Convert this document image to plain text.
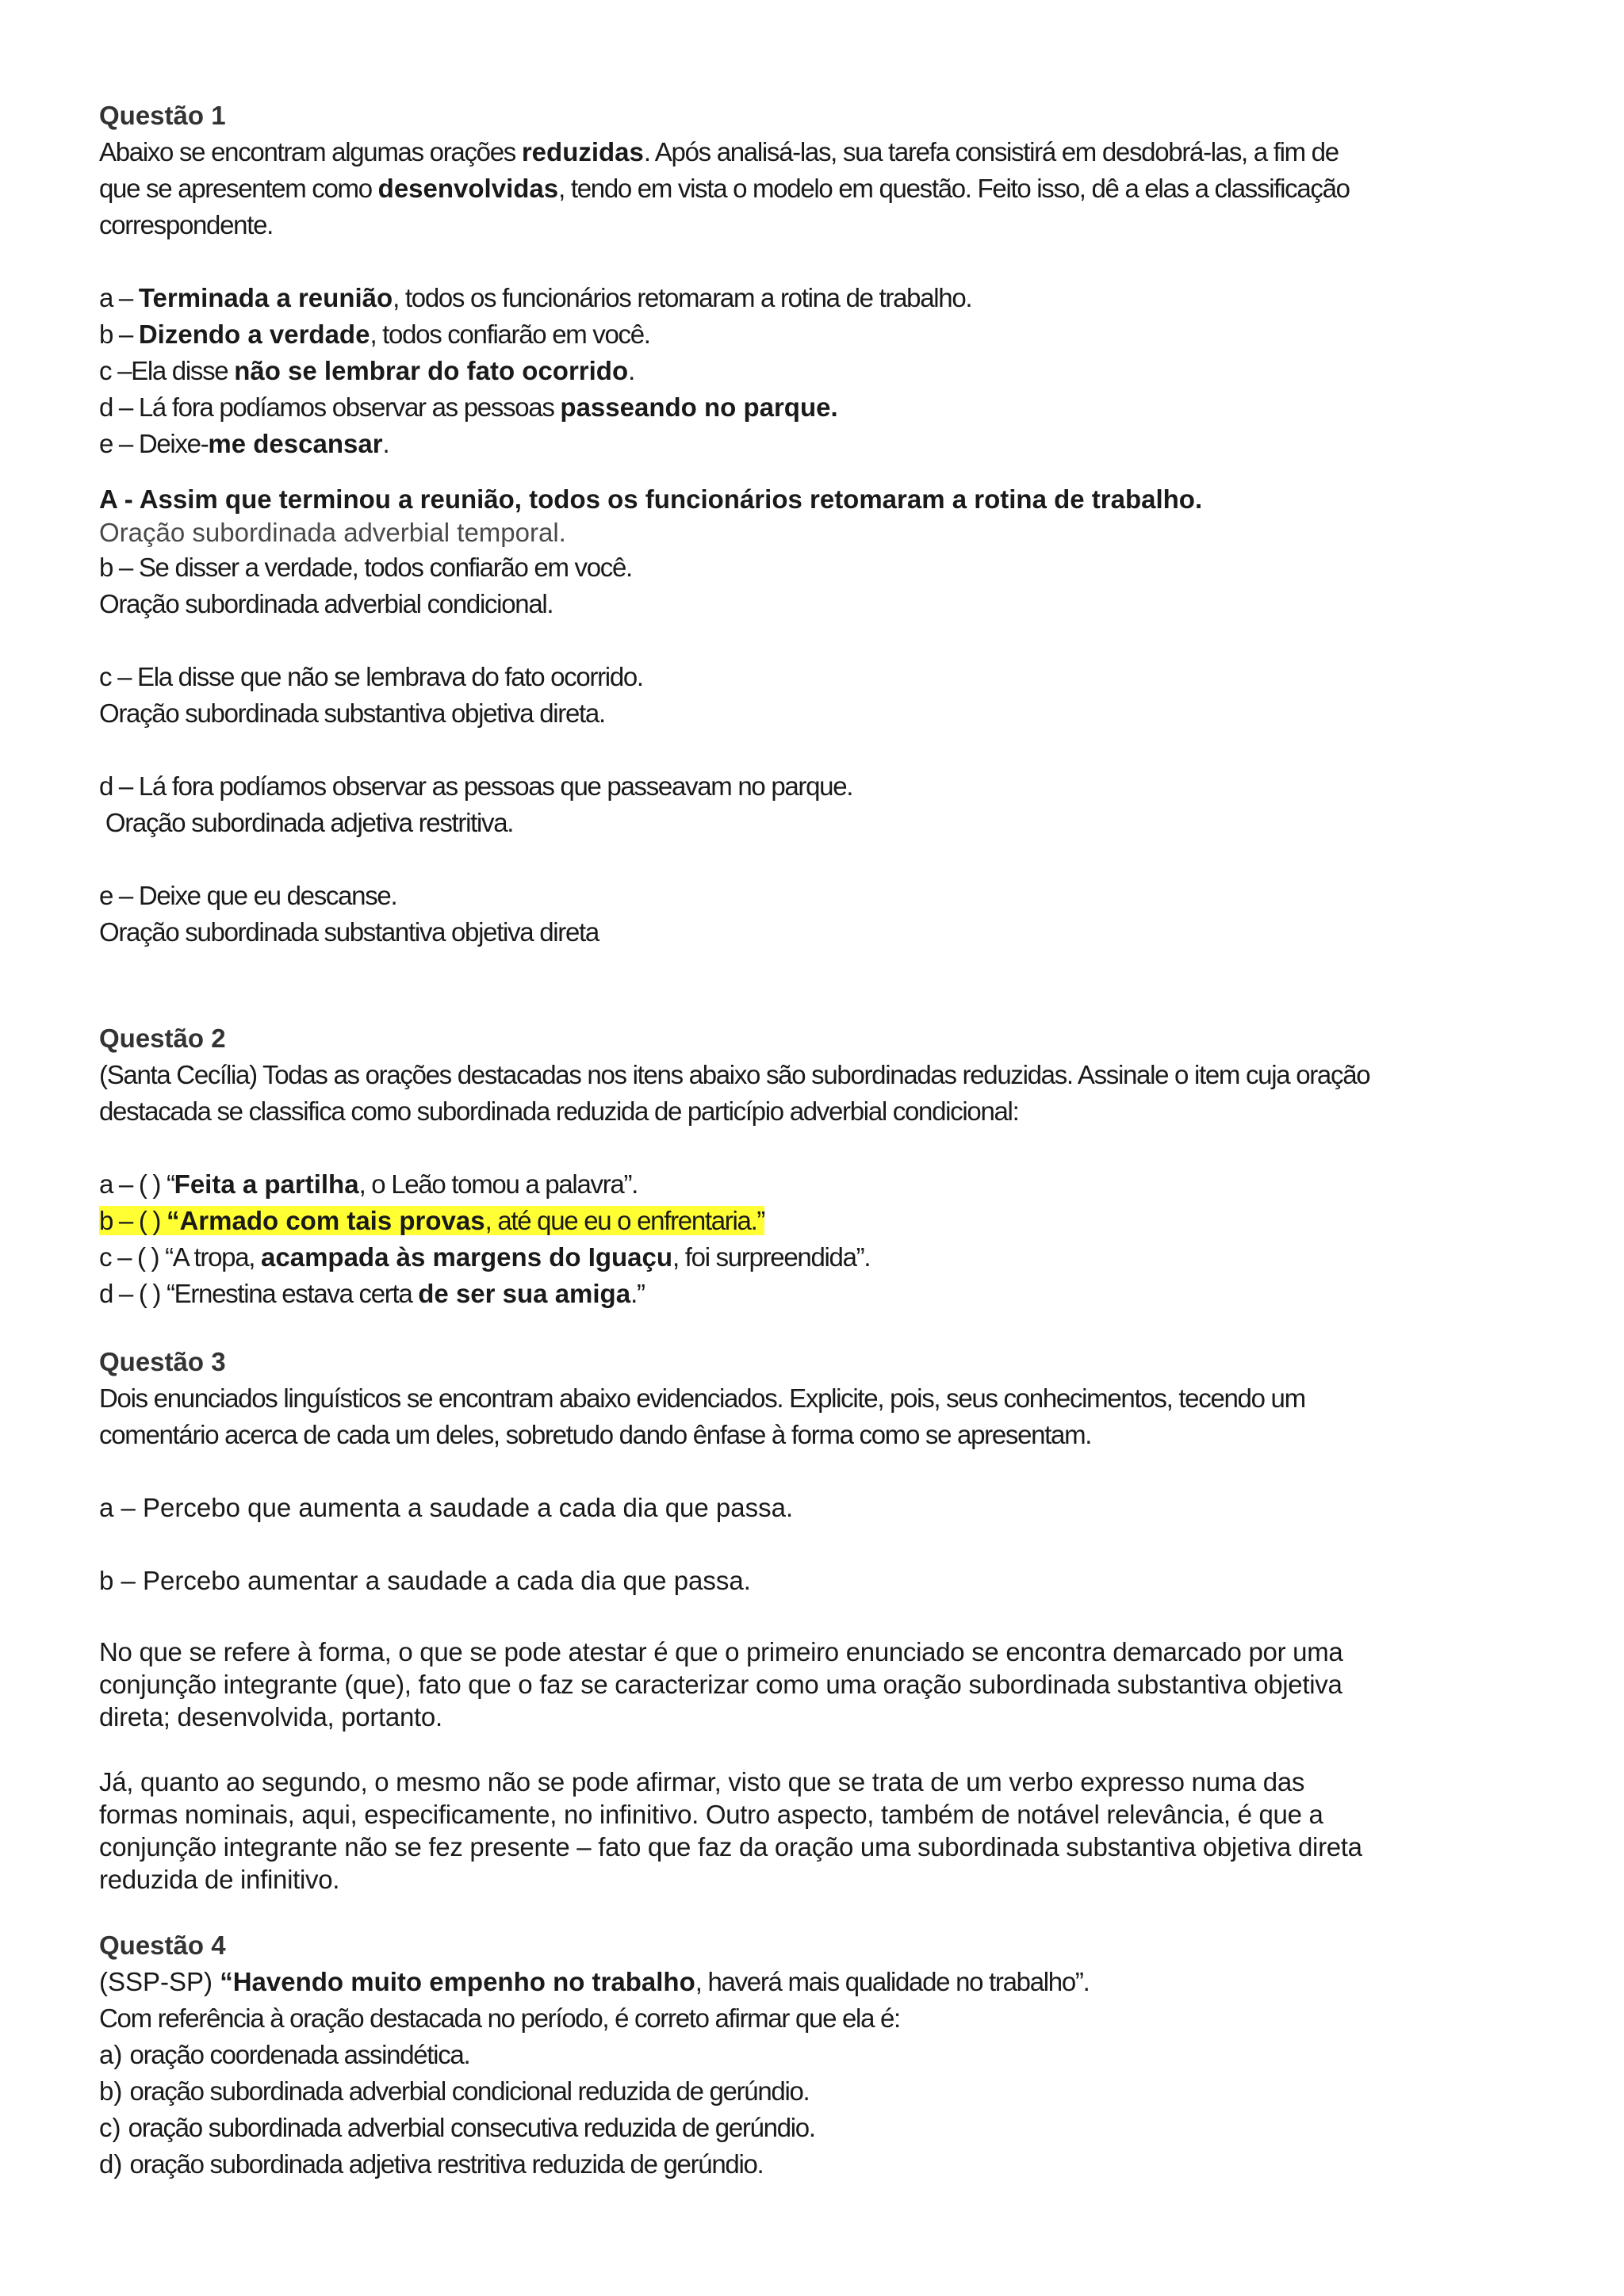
Questão 1

Abaixo se encontram algumas orações reduzidas. Após analisá-las, sua tarefa consistirá em desdobrá-las, a fim de

que se apresentem como desenvolvidas, tendo em vista o modelo em questão. Feito isso, dê a elas a classificação

correspondente.

a – Terminada a reunião, todos os funcionários retomaram a rotina de trabalho.

b – Dizendo a verdade, todos confiarão em você.

c –Ela disse não se lembrar do fato ocorrido.

d – Lá fora podíamos observar as pessoas passeando no parque.

e – Deixe-me descansar.

A - Assim que terminou a reunião, todos os funcionários retomaram a rotina de trabalho.

Oração subordinada adverbial temporal.

b – Se disser a verdade, todos confiarão em você.

Oração subordinada adverbial condicional.

c – Ela disse que não se lembrava do fato ocorrido.

Oração subordinada substantiva objetiva direta.

d – Lá fora podíamos observar as pessoas que passeavam no parque.

Oração subordinada adjetiva restritiva.

e – Deixe que eu descanse.

Oração subordinada substantiva objetiva direta

Questão 2

(Santa Cecília) Todas as orações destacadas nos itens abaixo são subordinadas reduzidas. Assinale o item cuja oração

destacada se classifica como subordinada reduzida de particípio adverbial condicional:

a – ( ) “Feita a partilha, o Leão tomou a palavra”.

b – ( ) “Armado com tais provas, até que eu o enfrentaria.”

c – ( ) “A tropa, acampada às margens do Iguaçu, foi surpreendida”.

d – ( ) “Ernestina estava certa de ser sua amiga.”

Questão 3

Dois enunciados linguísticos se encontram abaixo evidenciados. Explicite, pois, seus conhecimentos, tecendo um

comentário acerca de cada um deles, sobretudo dando ênfase à forma como se apresentam.

a – Percebo que aumenta a saudade a cada dia que passa.

b – Percebo aumentar a saudade a cada dia que passa.

No que se refere à forma, o que se pode atestar é que o primeiro enunciado se encontra demarcado por uma

conjunção integrante (que), fato que o faz se caracterizar como uma oração subordinada substantiva objetiva

direta; desenvolvida, portanto.

Já, quanto ao segundo, o mesmo não se pode afirmar, visto que se trata de um verbo expresso numa das

formas nominais, aqui, especificamente, no infinitivo. Outro aspecto, também de notável relevância, é que a

conjunção integrante não se fez presente – fato que faz da oração uma subordinada substantiva objetiva direta

reduzida de infinitivo.

Questão 4

(SSP-SP) “Havendo muito empenho no trabalho, haverá mais qualidade no trabalho”.

Com referência à oração destacada no período, é correto afirmar que ela é:

a) oração coordenada assindética.

b) oração subordinada adverbial condicional reduzida de gerúndio.

c) oração subordinada adverbial consecutiva reduzida de gerúndio.

d) oração subordinada adjetiva restritiva reduzida de gerúndio.
